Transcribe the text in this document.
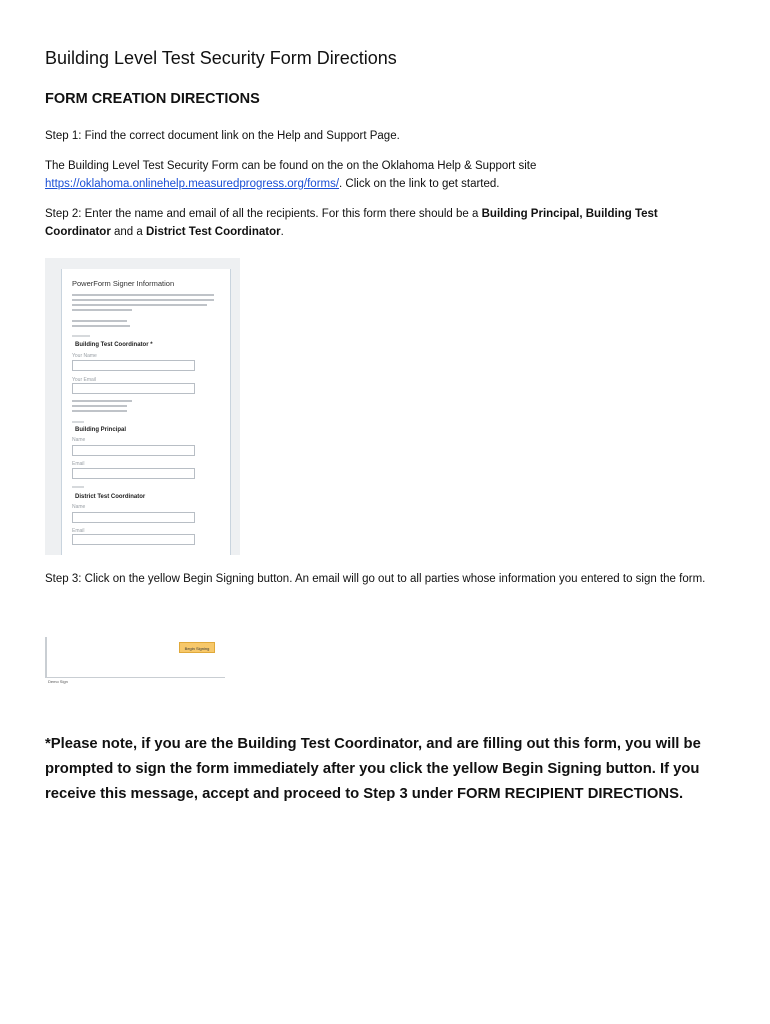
Building Level Test Security Form Directions
FORM CREATION DIRECTIONS

Step 1: Find the correct document link on the Help and Support Page.

The Building Level Test Security Form can be found on the on the Oklahoma Help & Support site https://oklahoma.onlinehelp.measuredprogress.org/forms/. Click on the link to get started.

Step 2: Enter the name and email of all the recipients. For this form there should be a Building Principal, Building Test Coordinator and a District Test Coordinator.

PowerForm Signer Information
Building Test Coordinator *
Your Name
Your Email
Building Principal
Name
Email
District Test Coordinator
Name
Email

Step 3: Click on the yellow Begin Signing button. An email will go out to all parties whose information you entered to sign the form.

Begin Signing
Demo Sign

*Please note, if you are the Building Test Coordinator, and are filling out this form, you will be prompted to sign the form immediately after you click the yellow Begin Signing button. If you receive this message, accept and proceed to Step 3 under FORM RECIPIENT DIRECTIONS.
